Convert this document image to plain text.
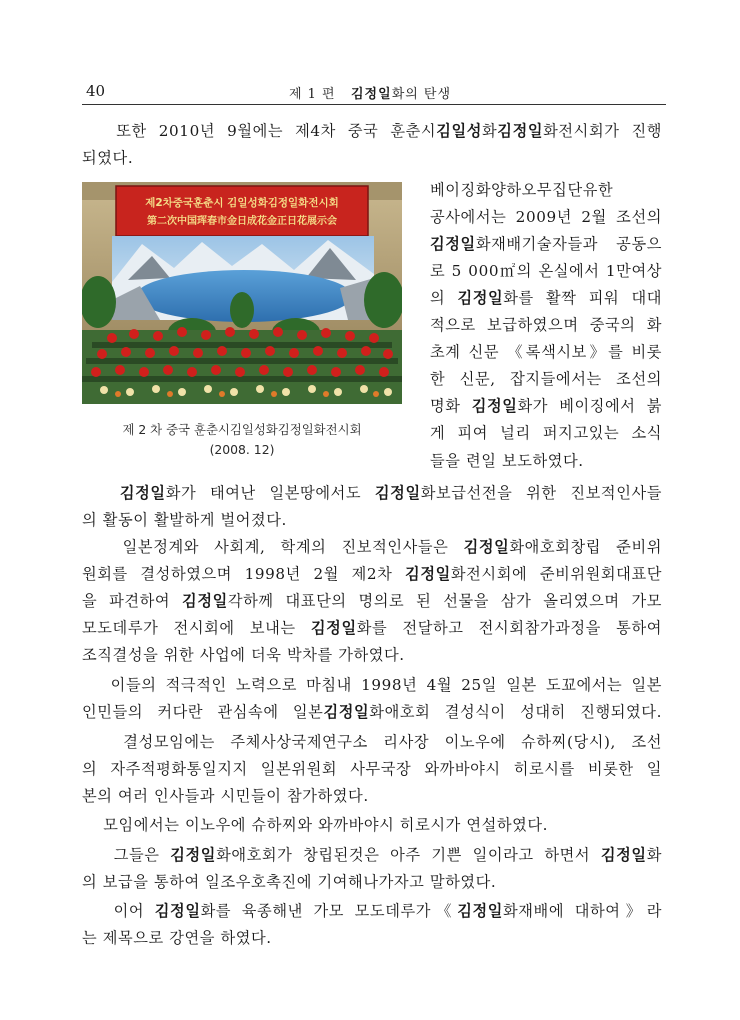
40	제 1 편   김정일화의 탄생
제2차중국훈춘시 김일성화김정일화전시회
第二次中国珲春市金日成花金正日花展示会
제 2 차 중국 훈춘시김일성화김정일화전시회
(2008. 12)
　 또한 2010년 9월에는 제4차 중국 훈춘시김일성화김정일화전시회가 진행
되였다.
베이징화양하오무집단유한
공사에서는 2009년 2월 조선의
김정일화재배기술자들과 공동으
로 5 000㎡의 온실에서 1만여상
의 김정일화를 활짝 피워 대대
적으로 보급하였으며 중국의 화
초계 신문 《록색시보》를 비롯
한 신문, 잡지들에서는 조선의
명화 김정일화가 베이징에서 붉
게 피여 널리 퍼지고있는 소식
들을 련일 보도하였다.
　 김정일화가 태여난 일본땅에서도 김정일화보급선전을 위한 진보적인사들
의 활동이 활발하게 벌어졌다.
　 일본정계와 사회계, 학계의 진보적인사들은 김정일화애호회창립 준비위
원회를 결성하였으며 1998년 2월 제2차 김정일화전시회에 준비위원회대표단
을 파견하여 김정일각하께 대표단의 명의로 된 선물을 삼가 올리였으며 가모
모도데루가 전시회에 보내는 김정일화를 전달하고 전시회참가과정을 통하여
조직결성을 위한 사업에 더욱 박차를 가하였다.
　 이들의 적극적인 노력으로 마침내 1998년 4월 25일 일본 도꾜에서는 일본
인민들의 커다란 관심속에 일본김정일화애호회 결성식이 성대히 진행되였다.
　 결성모임에는 주체사상국제연구소 리사장 이노우에 슈하찌(당시), 조선
의 자주적평화통일지지 일본위원회 사무국장 와까바야시 히로시를 비롯한 일
본의 여러 인사들과 시민들이 참가하였다.
　 모임에서는 이노우에 슈하찌와 와까바야시 히로시가 연설하였다.
　 그들은 김정일화애호회가 창립된것은 아주 기쁜 일이라고 하면서 김정일화
의 보급을 통하여 일조우호촉진에 기여해나가자고 말하였다.
　 이어 김정일화를 육종해낸 가모 모도데루가《김정일화재배에 대하여》라
는 제목으로 강연을 하였다.
